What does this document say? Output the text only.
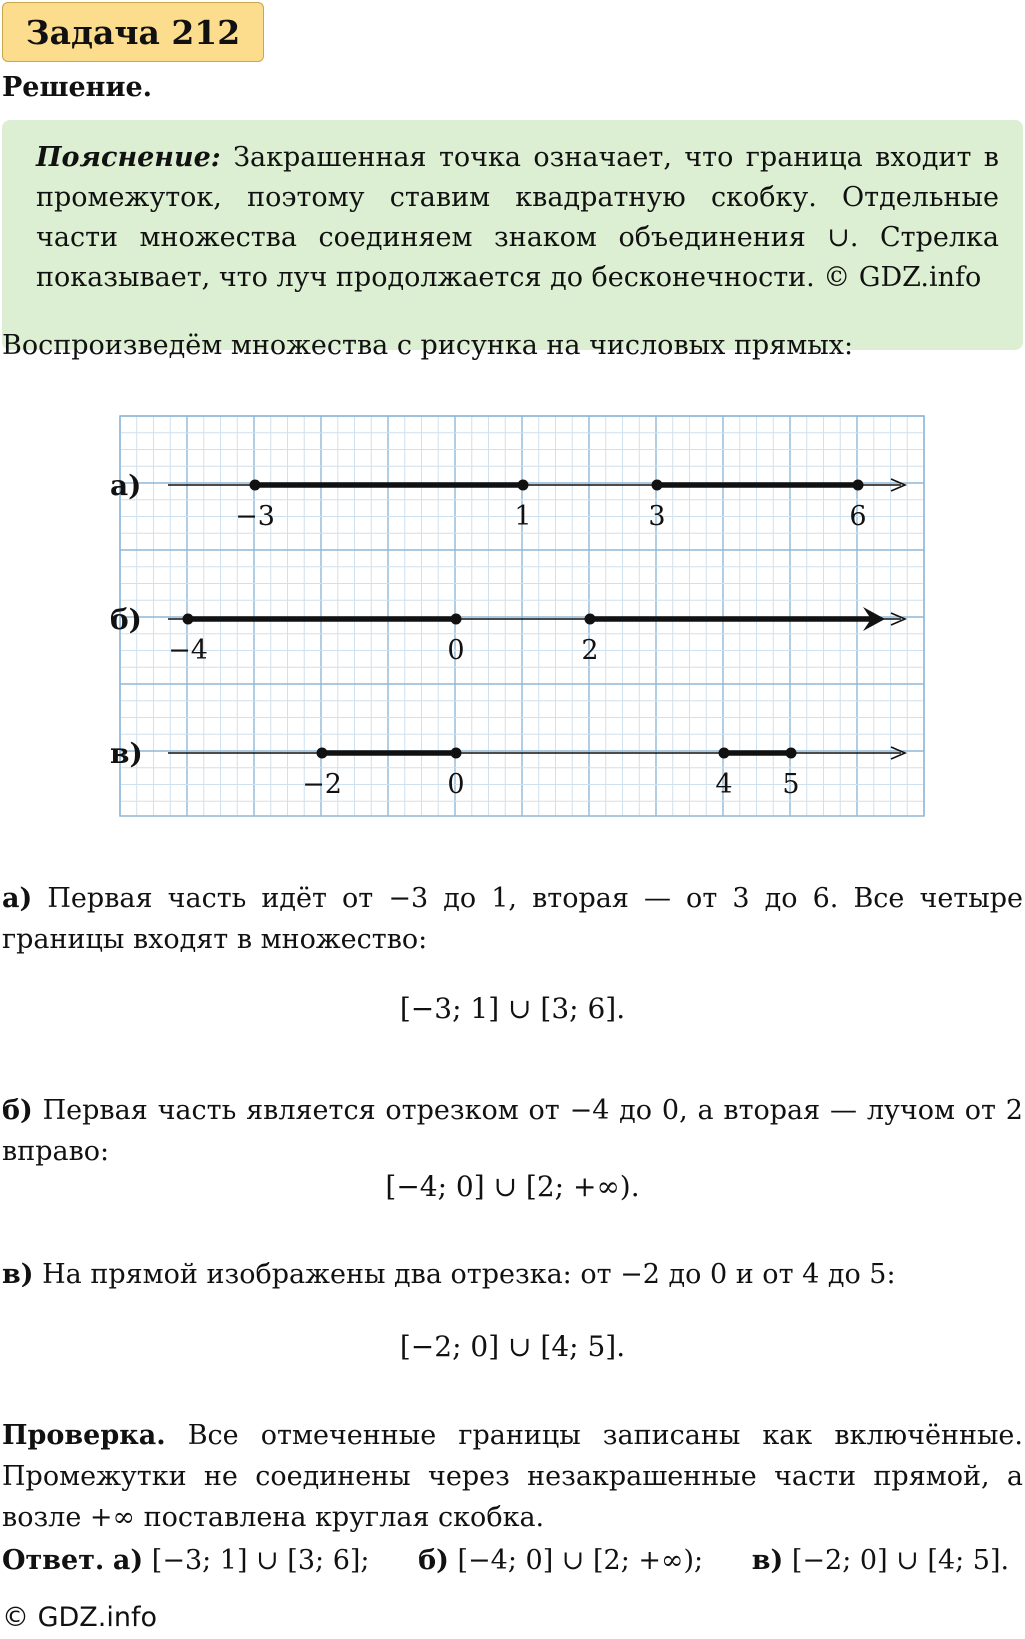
Задача 212
Решение.
Пояснение: Закрашенная точка означает, что граница входит в промежуток, поэтому ставим квадратную скобку. Отдельные части множества соединяем знаком объединения ∪. Стрелка показывает, что луч продолжается до бесконечности. © GDZ.info
Воспроизведём множества с рисунка на числовых прямых:
а)
−3	1	3	6
б)
−4	0	2
в)
−2	0	4 5
а) Первая часть идёт от −3 до 1, вторая — от 3 до 6. Все четыре границы входят в множество:
[−3; 1] ∪ [3; 6].
б) Первая часть является отрезком от −4 до 0, а вторая — лучом от 2 вправо:
[−4; 0] ∪ [2; +∞).
в) На прямой изображены два отрезка: от −2 до 0 и от 4 до 5:
[−2; 0] ∪ [4; 5].
Проверка. Все отмеченные границы записаны как включённые. Промежутки не соединены через незакрашенные части прямой, а возле +∞ поставлена круглая скобка.
Ответ. а) [−3; 1] ∪ [3; 6]; б) [−4; 0] ∪ [2; +∞); в) [−2; 0] ∪ [4; 5].
© GDZ.info
